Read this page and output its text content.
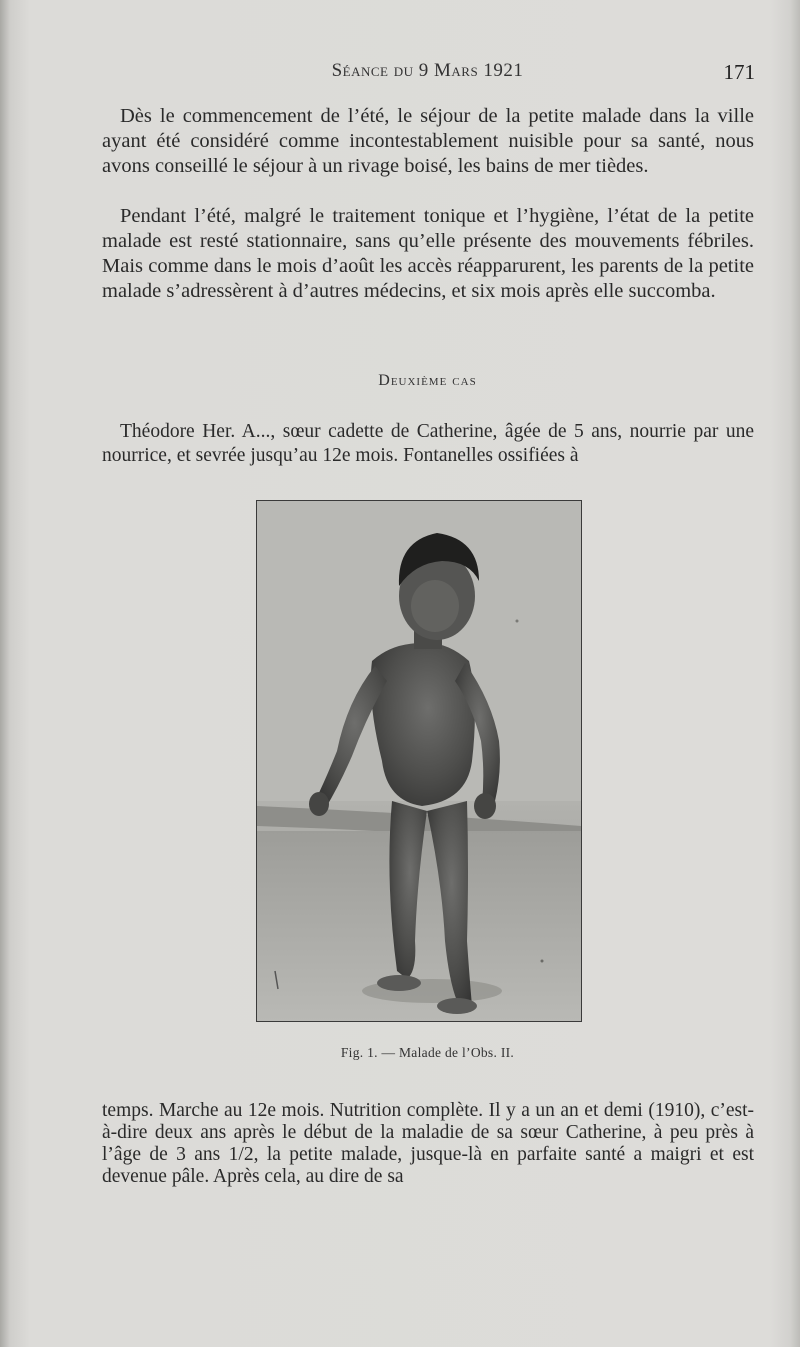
Séance du 9 Mars 1921	171

Dès le commencement de l’été, le séjour de la petite malade dans la ville ayant été considéré comme incontestablement nuisible pour sa santé, nous avons conseillé le séjour à un rivage boisé, les bains de mer tièdes.

Pendant l’été, malgré le traitement tonique et l’hygiène, l’état de la petite malade est resté stationnaire, sans qu’elle présente des mouvements fébriles. Mais comme dans le mois d’août les accès réapparurent, les parents de la petite malade s’adressèrent à d’autres médecins, et six mois après elle succomba.

Deuxième cas

Théodore Her. A..., sœur cadette de Catherine, âgée de 5 ans, nourrie par une nourrice, et sevrée jusqu’au 12e mois. Fontanelles ossifiées à

Fig. 1. — Malade de l’Obs. II.

temps. Marche au 12e mois. Nutrition complète. Il y a un an et demi (1910), c’est-à-dire deux ans après le début de la maladie de sa sœur Catherine, à peu près à l’âge de 3 ans 1/2, la petite malade, jusque-là en parfaite santé a maigri et est devenue pâle. Après cela, au dire de sa
